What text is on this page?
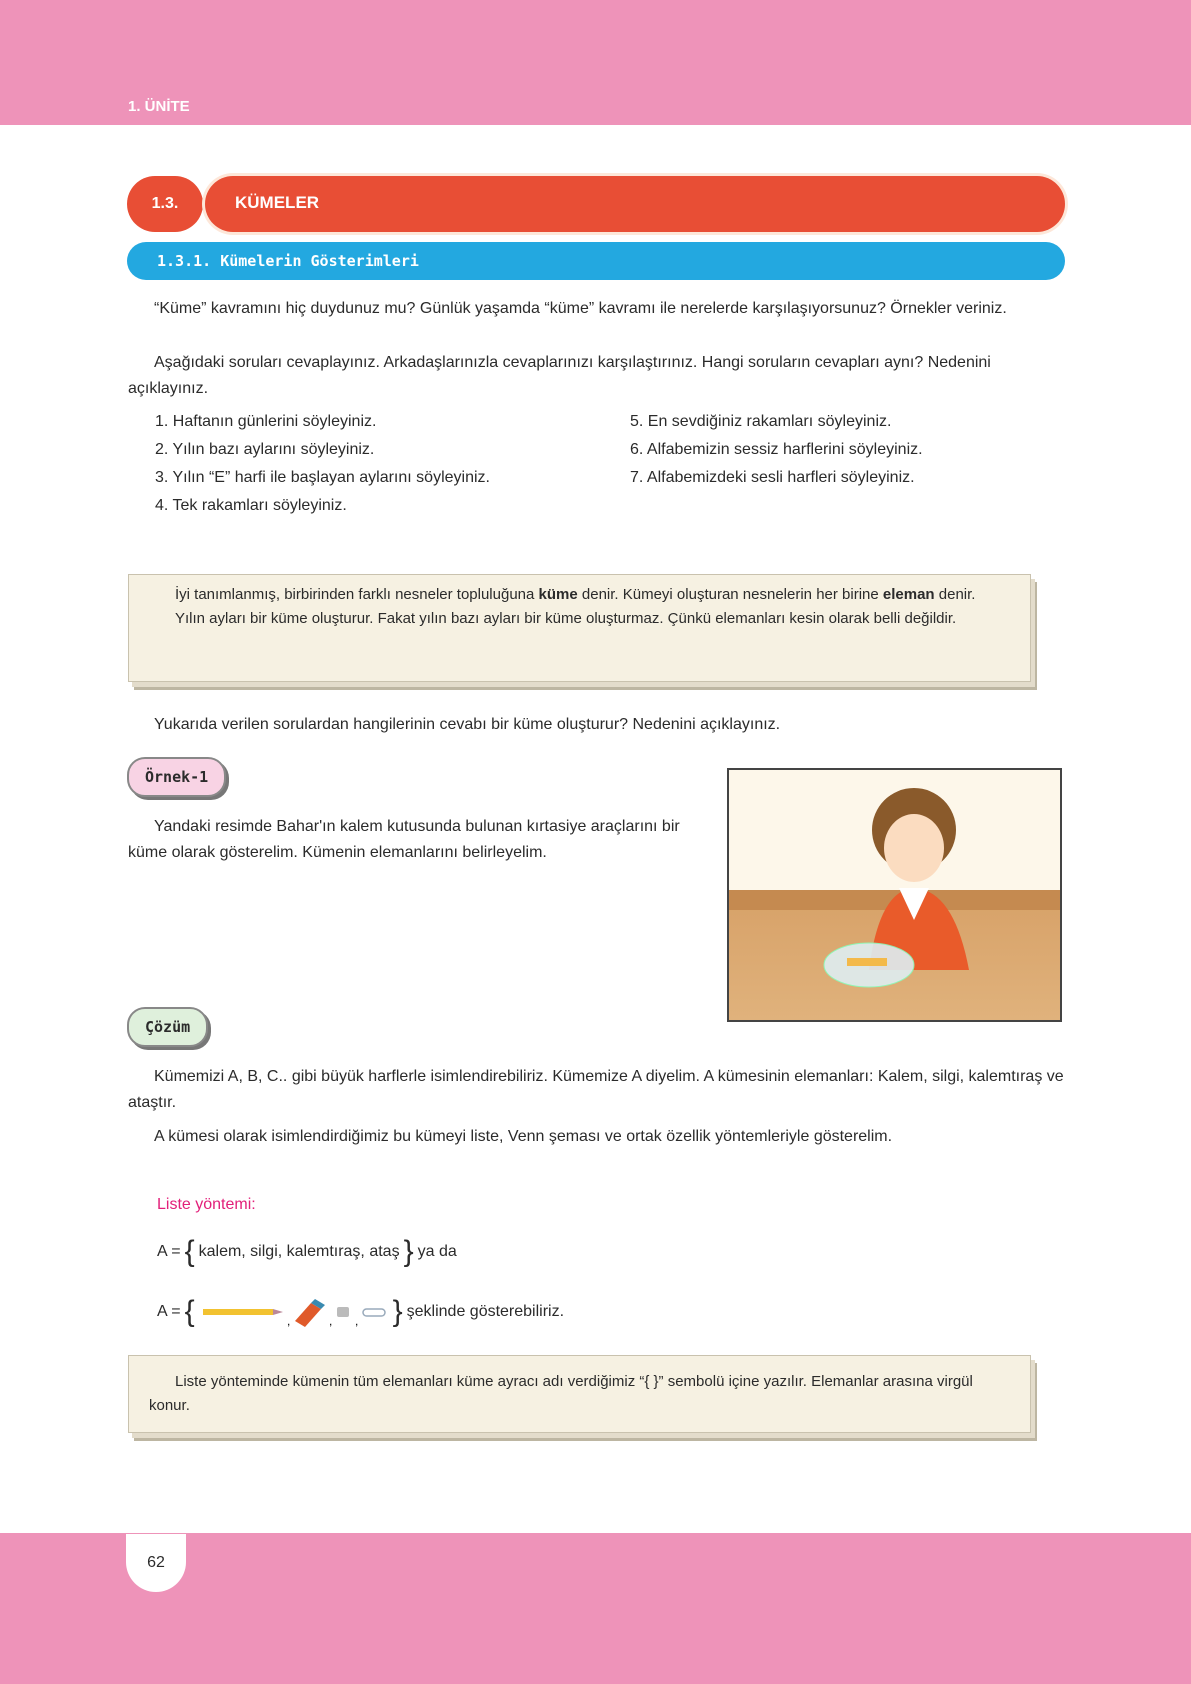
1. ÜNİTE
1.3.	KÜMELER
1.3.1. Kümelerin Gösterimleri
“Küme” kavramını hiç duydunuz mu? Günlük yaşamda “küme” kavramı ile nerelerde karşılaşıyorsunuz? Örnekler veriniz.
Aşağıdaki soruları cevaplayınız. Arkadaşlarınızla cevaplarınızı karşılaştırınız. Hangi soruların cevapları aynı? Nedenini açıklayınız.
1. Haftanın günlerini söyleyiniz.
2. Yılın bazı aylarını söyleyiniz.
3. Yılın “E” harfi ile başlayan aylarını söyleyiniz.
4. Tek rakamları söyleyiniz.
5. En sevdiğiniz rakamları söyleyiniz.
6. Alfabemizin sessiz harflerini söyleyiniz.
7. Alfabemizdeki sesli harfleri söyleyiniz.

İyi tanımlanmış, birbirinden farklı nesneler topluluğuna küme denir. Kümeyi oluşturan nesnelerin her birine eleman denir.

Yılın ayları bir küme oluşturur. Fakat yılın bazı ayları bir küme oluşturmaz. Çünkü elemanları kesin olarak belli değildir.

Yukarıda verilen sorulardan hangilerinin cevabı bir küme oluşturur? Nedenini açıklayınız.
Örnek-1
Yandaki resimde Bahar'ın kalem kutusunda bulunan kırtasiye araçlarını bir küme olarak gösterelim. Kümenin elemanlarını belirleyelim.
Çözüm
Kümemizi A, B, C.. gibi büyük harflerle isimlendirebiliriz. Kümemize A diyelim. A kümesinin elemanları: Kalem, silgi, kalemtıraş ve ataştır.
A kümesi olarak isimlendirdiğimiz bu kümeyi liste, Venn şeması ve ortak özellik yöntemleriyle gösterelim.
Liste yöntemi:
A = { kalem, silgi, kalemtıraş, ataş } ya da
A = {	,	, , } şeklinde gösterebiliriz.

Liste yönteminde kümenin tüm elemanları küme ayracı adı verdiğimiz “{ }” sembolü içine yazılır. Elemanlar arasına virgül konur.

62
